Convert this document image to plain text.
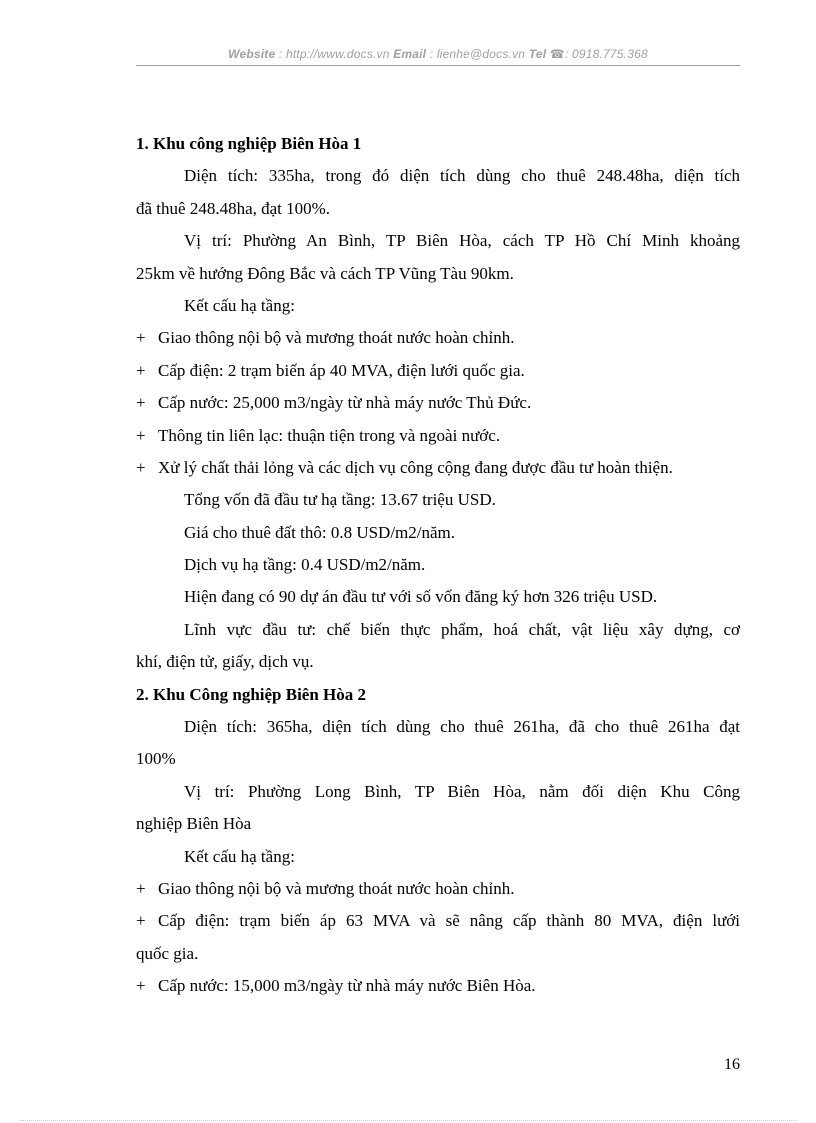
Website : http://www.docs.vn Email : lienhe@docs.vn Tel ☎: 0918.775.368
1. Khu công nghiệp Biên Hòa 1
Diện tích: 335ha, trong đó diện tích dùng cho thuê 248.48ha, diện tích
đã thuê 248.48ha, đạt 100%.
Vị trí: Phường An Bình, TP Biên Hòa, cách TP Hồ Chí Minh khoảng
25km về hướng Đông Bắc và cách TP Vũng Tàu 90km.
Kết cấu hạ tầng:
+ Giao thông nội bộ và mương thoát nước hoàn chỉnh.
+ Cấp điện: 2 trạm biến áp 40 MVA, điện lưới quốc gia.
+ Cấp nước: 25,000 m3/ngày từ nhà máy nước Thủ Đức.
+ Thông tin liên lạc: thuận tiện trong và ngoài nước.
+ Xử lý chất thải lỏng và các dịch vụ công cộng đang được đầu tư hoàn thiện.
Tổng vốn đã đầu tư hạ tầng: 13.67 triệu USD.
Giá cho thuê đất thô: 0.8 USD/m2/năm.
Dịch vụ hạ tầng: 0.4 USD/m2/năm.
Hiện đang có 90 dự án đầu tư với số vốn đăng ký hơn 326 triệu USD.
Lĩnh vực đầu tư: chế biến thực phẩm, hoá chất, vật liệu xây dựng, cơ
khí, điện tử, giấy, dịch vụ.
2. Khu Công nghiệp Biên Hòa 2
Diện tích: 365ha, diện tích dùng cho thuê 261ha, đã cho thuê 261ha đạt
100%
Vị trí: Phường Long Bình, TP Biên Hòa, nằm đối diện Khu Công
nghiệp Biên Hòa
Kết cấu hạ tầng:
+ Giao thông nội bộ và mương thoát nước hoàn chỉnh.
+ Cấp điện: trạm biến áp 63 MVA và sẽ nâng cấp thành 80 MVA, điện lưới
quốc gia.
+ Cấp nước: 15,000 m3/ngày từ nhà máy nước Biên Hòa.
16
